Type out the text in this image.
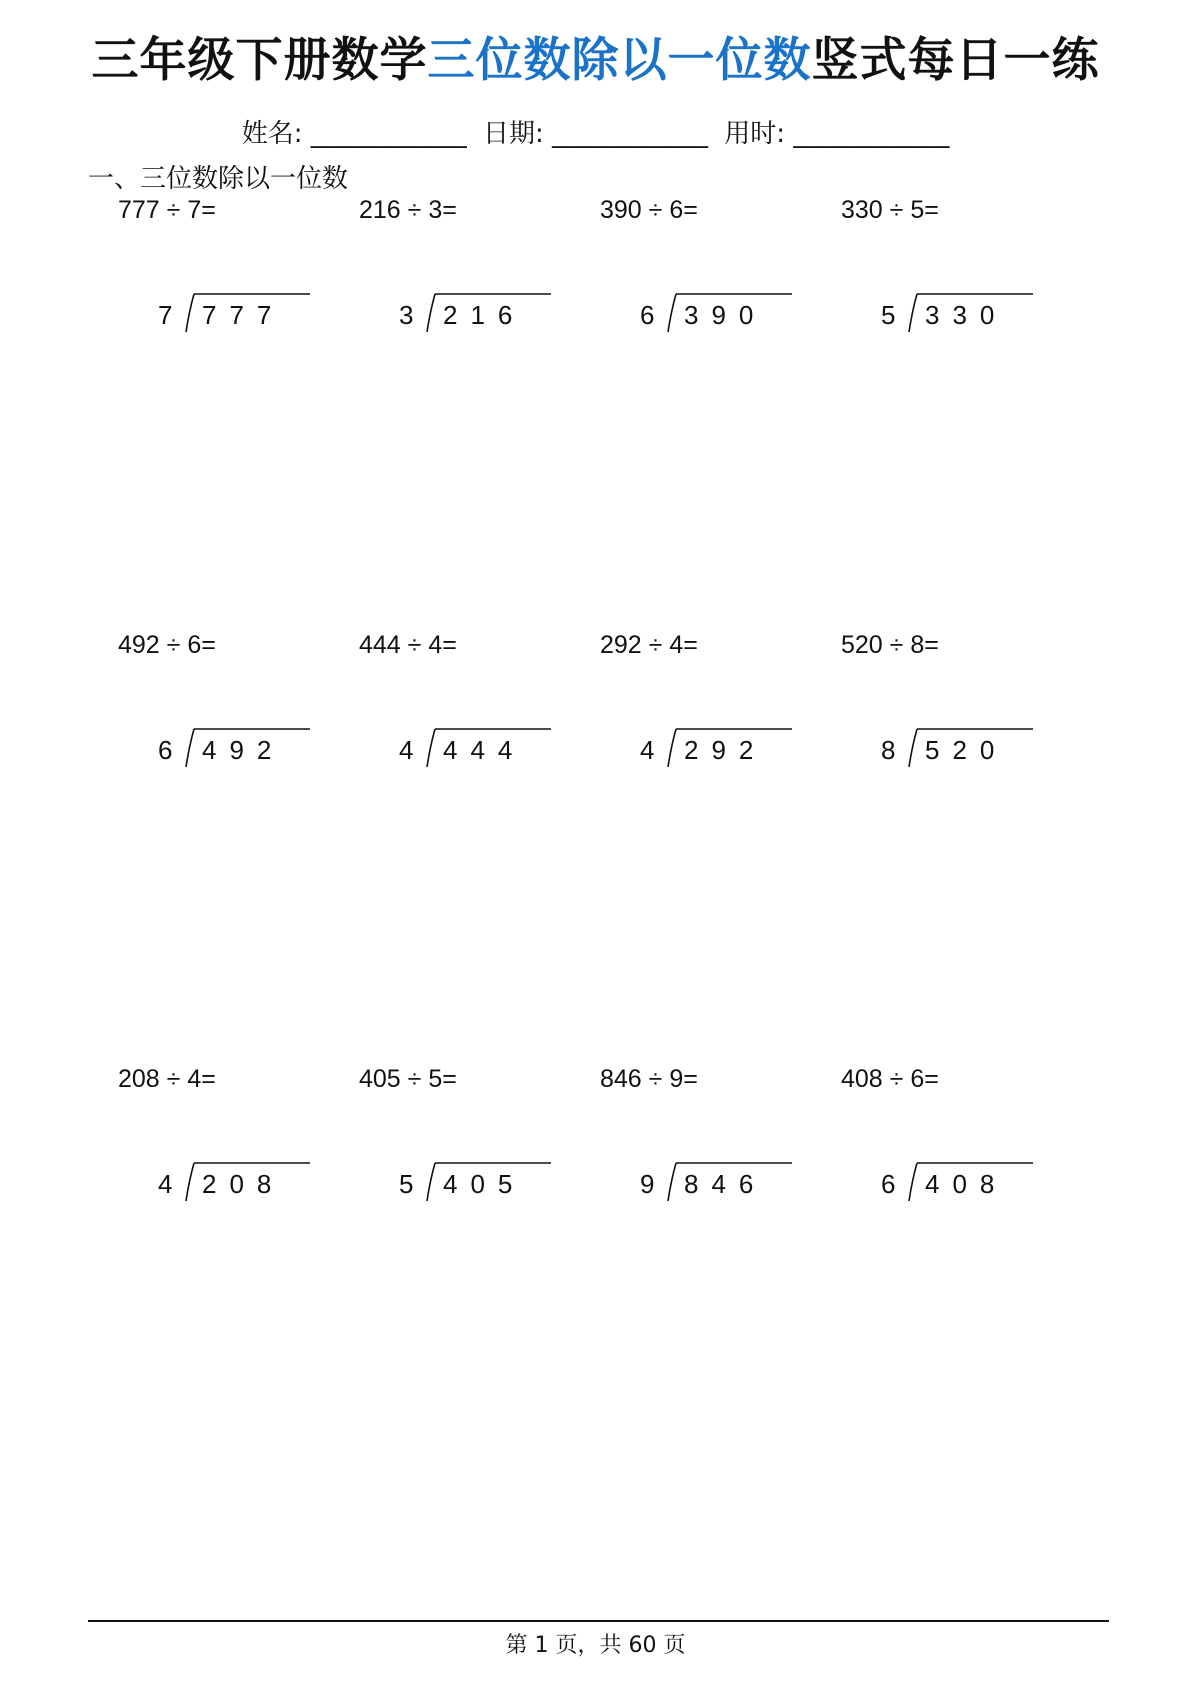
三年级下册数学三位数除以一位数竖式每日一练
姓名: ____________ 日期: ____________ 用时: ____________
一、三位数除以一位数
777 ÷ 7=
7 777
216 ÷ 3=
3 216
390 ÷ 6=
6 390
330 ÷ 5=
5 330
492 ÷ 6=
6 492
444 ÷ 4=
4 444
292 ÷ 4=
4 292
520 ÷ 8=
8 520
208 ÷ 4=
4 208
405 ÷ 5=
5 405
846 ÷ 9=
9 846
408 ÷ 6=
6 408
第 1 页，共 60 页
